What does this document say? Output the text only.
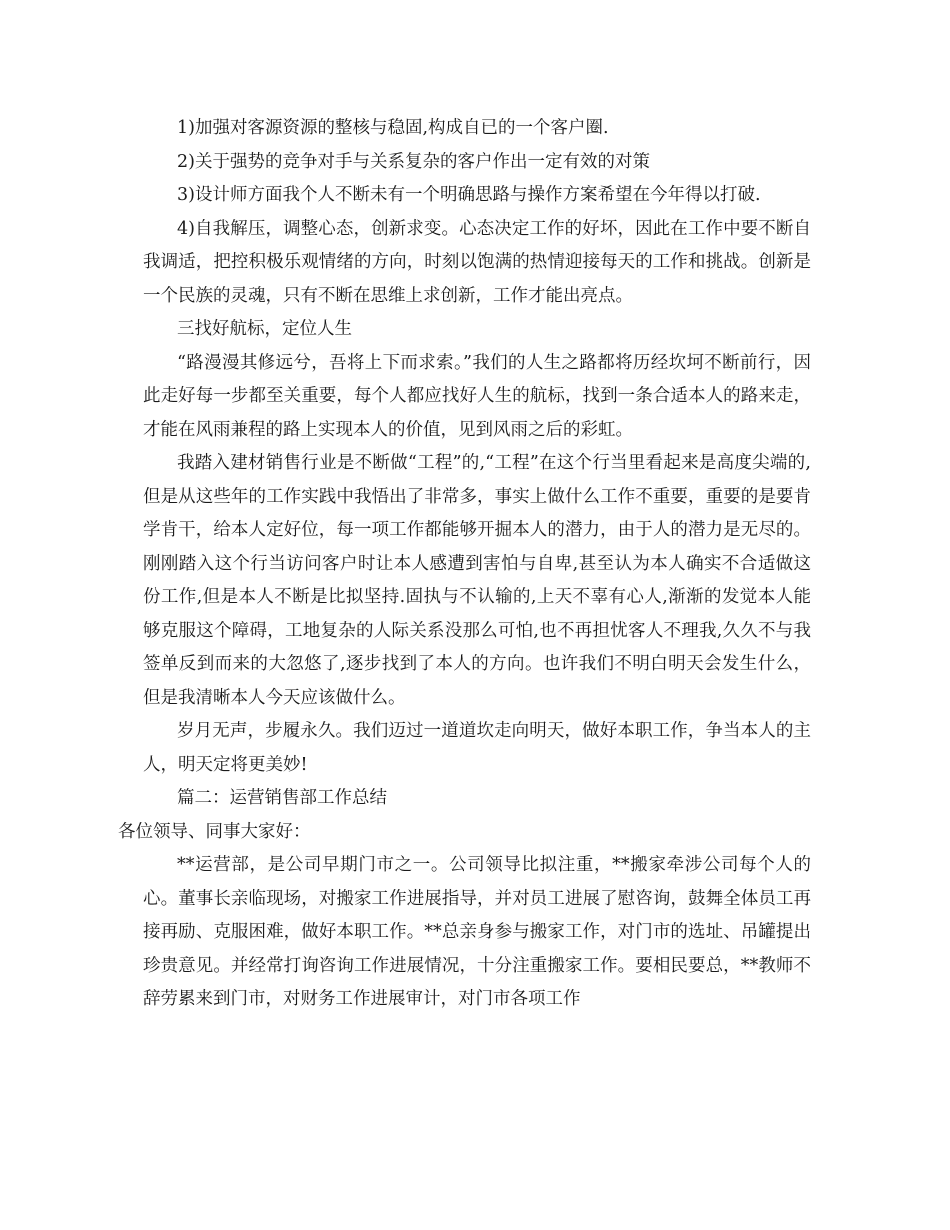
1)加强对客源资源的整核与稳固,构成自已的一个客户圈.

2)关于强势的竞争对手与关系复杂的客户作出一定有效的对策

3)设计师方面我个人不断未有一个明确思路与操作方案希望在今年得以打破.

4)自我解压，调整心态，创新求变。心态决定工作的好坏，因此在工作中要不断自我调适，把控积极乐观情绪的方向，时刻以饱满的热情迎接每天的工作和挑战。创新是一个民族的灵魂，只有不断在思维上求创新，工作才能出亮点。

三找好航标，定位人生

“路漫漫其修远兮，吾将上下而求索。”我们的人生之路都将历经坎坷不断前行，因此走好每一步都至关重要，每个人都应找好人生的航标，找到一条合适本人的路来走，才能在风雨兼程的路上实现本人的价值，见到风雨之后的彩虹。

我踏入建材销售行业是不断做“工程”的,“工程”在这个行当里看起来是高度尖端的,但是从这些年的工作实践中我悟出了非常多，事实上做什么工作不重要，重要的是要肯学肯干，给本人定好位，每一项工作都能够开掘本人的潜力，由于人的潜力是无尽的。刚刚踏入这个行当访问客户时让本人感遭到害怕与自卑,甚至认为本人确实不合适做这份工作,但是本人不断是比拟坚持.固执与不认输的,上天不辜有心人,渐渐的发觉本人能够克服这个障碍，工地复杂的人际关系没那么可怕,也不再担忧客人不理我,久久不与我签单反到而来的大忽悠了,逐步找到了本人的方向。也许我们不明白明天会发生什么，但是我清晰本人今天应该做什么。

岁月无声，步履永久。我们迈过一道道坎走向明天，做好本职工作，争当本人的主人，明天定将更美妙!

篇二：运营销售部工作总结

各位领导、同事大家好：

**运营部，是公司早期门市之一。公司领导比拟注重，**搬家牵涉公司每个人的心。董事长亲临现场，对搬家工作进展指导，并对员工进展了慰咨询，鼓舞全体员工再接再励、克服困难，做好本职工作。**总亲身参与搬家工作，对门市的选址、吊罐提出珍贵意见。并经常打询咨询工作进展情况，十分注重搬家工作。要相民要总，**教师不辞劳累来到门市，对财务工作进展审计，对门市各项工作
